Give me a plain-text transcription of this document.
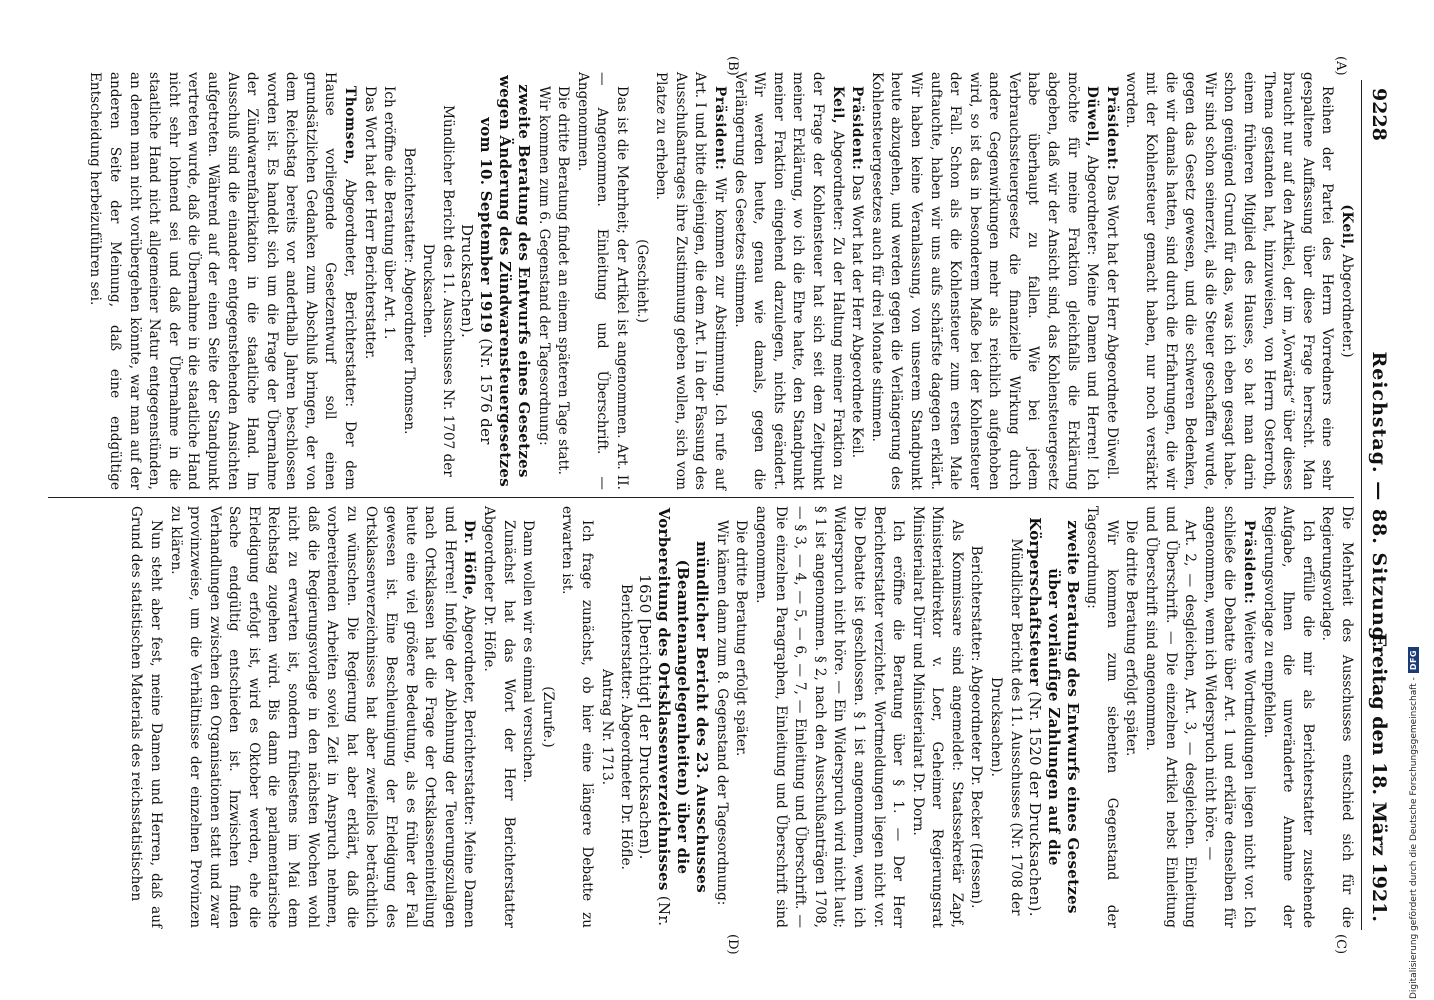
9228
Reichstag. — 88. Sitzung.
Freitag den 18. März 1921.
(A)
(B)
(C)
(D)

(Keil, Abgeordneter.)

Reihen der Partei des Herrn Vorredners eine sehr gespaltene Auffassung über diese Frage herrscht. Man braucht nur auf den Artikel, der im „Vorwärts“ über dieses Thema gestanden hat, hinzuweisen, von Herrn Osterroth, einem früheren Mitglied des Hauses, so hat man darin schon genügend Grund für das, was ich eben gesagt habe. Wir sind schon seinerzeit, als die Steuer geschaffen wurde, gegen das Gesetz gewesen, und die schweren Bedenken, die wir damals hatten, sind durch die Erfahrungen, die wir mit der Kohlensteuer gemacht haben, nur noch verstärkt worden.

Präsident: Das Wort hat der Herr Abgeordnete Düwell.

Düwell, Abgeordneter: Meine Damen und Herren! Ich möchte für meine Fraktion gleichfalls die Erklärung abgeben, daß wir der Ansicht sind, das Kohlensteuergesetz habe überhaupt zu fallen. Wie bei jedem Verbrauchssteuergesetz die finanzielle Wirkung durch andere Gegenwirkungen mehr als reichlich aufgehoben wird, so ist das in besonderem Maße bei der Kohlensteuer der Fall. Schon als die Kohlensteuer zum ersten Male auftauchte, haben wir uns aufs schärfste dagegen erklärt. Wir haben keine Veranlassung, von unserem Standpunkt heute abzugehen, und werden gegen die Verlängerung des Kohlensteuergesetzes auch für drei Monate stimmen.

Präsident: Das Wort hat der Herr Abgeordnete Keil.

Keil, Abgeordneter: Zu der Haltung meiner Fraktion zu der Frage der Kohlensteuer hat sich seit dem Zeitpunkt meiner Erklärung, wo ich die Ehre hatte, den Standpunkt meiner Fraktion eingehend darzulegen, nichts geändert. Wir werden heute, genau wie damals, gegen die Verlängerung des Gesetzes stimmen.

Präsident: Wir kommen zur Abstimmung. Ich rufe auf Art. I und bitte diejenigen, die dem Art. I in der Fassung des Ausschußantrages ihre Zustimmung geben wollen, sich vom Platze zu erheben.

(Geschieht.)

Das ist die Mehrheit; der Artikel ist angenommen. Art. II. — Angenommen. Einleitung und Überschrift. — Angenommen.

Die dritte Beratung findet an einem späteren Tage statt.

Wir kommen zum 6. Gegenstand der Tagesordnung:

zweite Beratung des Entwurfs eines Gesetzes wegen Änderung des Zündwarensteuergesetzes vom 10. September 1919 (Nr. 1576 der Drucksachen).

Mündlicher Bericht des 11. Ausschusses Nr. 1707 der Drucksachen.

Berichterstatter: Abgeordneter Thomsen.

Ich eröffne die Beratung über Art. 1.

Das Wort hat der Herr Berichterstatter.

Thomsen, Abgeordneter, Berichterstatter: Der dem Hause vorliegende Gesetzentwurf soll einen grundsätzlichen Gedanken zum Abschluß bringen, der von dem Reichstag bereits vor anderthalb Jahren beschlossen worden ist. Es handelt sich um die Frage der Übernahme der Zündwarenfabrikation in die staatliche Hand. Im Ausschuß sind die einander entgegenstehenden Ansichten aufgetreten. Während auf der einen Seite der Standpunkt vertreten wurde, daß die Übernahme in die staatliche Hand nicht sehr lohnend sei und daß der Übernahme in die staatliche Hand nicht allgemeiner Natur entgegenstünden, an denen man nicht vorübergehen könnte, war man auf der anderen Seite der Meinung, daß eine endgültige Entscheidung herbeizuführen sei.

Die Mehrheit des Ausschusses entschied sich für die Regierungsvorlage.

Ich erfülle die mir als Berichterstatter zustehende Aufgabe, Ihnen die unveränderte Annahme der Regierungsvorlage zu empfehlen.

Präsident: Weitere Wortmeldungen liegen nicht vor. Ich schließe die Debatte über Art. 1 und erkläre denselben für angenommen, wenn ich Widerspruch nicht höre. —

Art. 2, — desgleichen, Art. 3, — desgleichen. Einleitung und Überschrift. — Die einzelnen Artikel nebst Einleitung und Überschrift sind angenommen.

Die dritte Beratung erfolgt später.

Wir kommen zum siebenten Gegenstand der Tagesordnung:

zweite Beratung des Entwurfs eines Gesetzes über vorläufige Zahlungen auf die Körperschaftsteuer (Nr. 1520 der Drucksachen).

Mündlicher Bericht des 11. Ausschusses (Nr. 1708 der Drucksachen).

Berichterstatter: Abgeordneter Dr. Becker (Hessen).

Als Kommissare sind angemeldet: Staatssekretär Zapf, Ministerialdirektor v. Loer, Geheimer Regierungsrat Ministerialrat Dürr und Ministerialrat Dr. Dorn.

Ich eröffne die Beratung über § 1. — Der Herr Berichterstatter verzichtet. Wortmeldungen liegen nicht vor. Die Debatte ist geschlossen. § 1 ist angenommen, wenn ich Widerspruch nicht höre. — Ein Widerspruch wird nicht laut; § 1 ist angenommen. § 2, nach den Ausschußanträgen 1708, — § 3, — 4, — 5, — 6, — 7, — Einleitung und Überschrift. — Die einzelnen Paragraphen, Einleitung und Überschrift sind angenommen.

Die dritte Beratung erfolgt später.

Wir kämen dann zum 8. Gegenstand der Tagesordnung:

mündlicher Bericht des 23. Ausschusses (Beamtenangelegenheiten) über die Vorbereitung des Ortsklassenverzeichnisses (Nr. 1650 [berichtigt] der Drucksachen).

Berichterstatter: Abgeordneter Dr. Höfle.

Antrag Nr. 1713.

Ich frage zunächst, ob hier eine längere Debatte zu erwarten ist.

(Zurufe.)

Dann wollen wir es einmal versuchen.

Zunächst hat das Wort der Herr Berichterstatter Abgeordneter Dr. Höfle.

Dr. Höfle, Abgeordneter, Berichterstatter: Meine Damen und Herren! Infolge der Ablehnung der Teuerungszulagen nach Ortsklassen hat die Frage der Ortsklasseneinteilung heute eine viel größere Bedeutung, als es früher der Fall gewesen ist. Eine Beschleunigung der Erledigung des Ortsklassenverzeichnisses hat aber zweifellos beträchtlich zu wünschen. Die Regierung hat aber erklärt, daß die vorbereitenden Arbeiten soviel Zeit in Anspruch nehmen, daß die Regierungsvorlage in den nächsten Wochen wohl nicht zu erwarten ist, sondern frühestens im Mai dem Reichstag zugehen wird. Bis dann die parlamentarische Erledigung erfolgt ist, wird es Oktober werden, ehe die Sache endgültig entschieden ist. Inzwischen finden Verhandlungen zwischen den Organisationen statt und zwar provinzweise, um die Verhältnisse der einzelnen Provinzen zu klären.

Nun steht aber fest, meine Damen und Herren, daß auf Grund des statistischen Materials des reichsstatistischen	Digitalisierung gefördert durch die Deutsche Forschungsgemeinschaft -DFG
